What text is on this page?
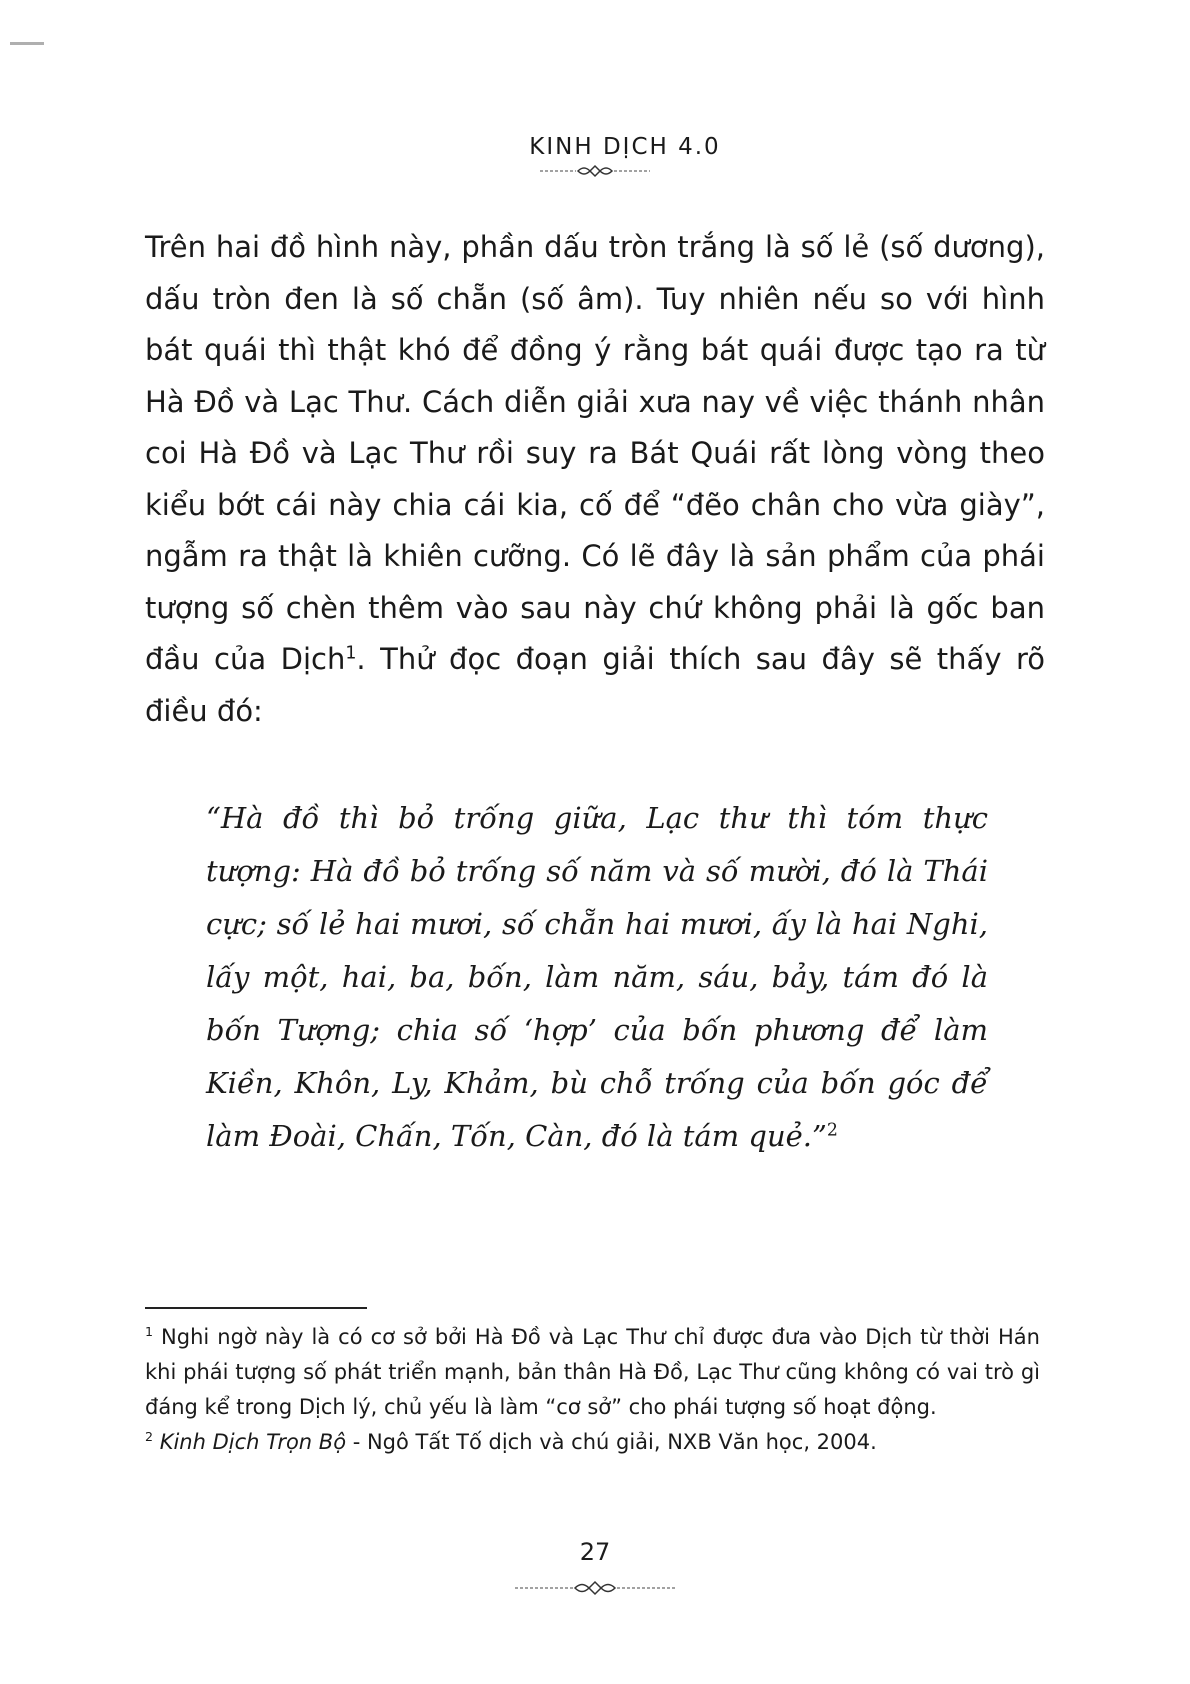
KINH DỊCH 4.0

Trên hai đồ hình này, phần dấu tròn trắng là số lẻ (số dương), dấu tròn đen là số chẵn (số âm). Tuy nhiên nếu so với hình bát quái thì thật khó để đồng ý rằng bát quái được tạo ra từ Hà Đồ và Lạc Thư. Cách diễn giải xưa nay về việc thánh nhân coi Hà Đồ và Lạc Thư rồi suy ra Bát Quái rất lòng vòng theo kiểu bớt cái này chia cái kia, cố để “đẽo chân cho vừa giày”, ngẫm ra thật là khiên cưỡng. Có lẽ đây là sản phẩm của phái tượng số chèn thêm vào sau này chứ không phải là gốc ban đầu của Dịch$^1$. Thử đọc đoạn giải thích sau đây sẽ thấy rõ điều đó:

“Hà đồ thì bỏ trống giữa, Lạc thư thì tóm thực tượng: Hà đồ bỏ trống số năm và số mười, đó là Thái cực; số lẻ hai mươi, số chẵn hai mươi, ấy là hai Nghi, lấy một, hai, ba, bốn, làm năm, sáu, bảy, tám đó là bốn Tượng; chia số ‘hợp’ của bốn phương để làm Kiền, Khôn, Ly, Khảm, bù chỗ trống của bốn góc để làm Đoài, Chấn, Tốn, Càn, đó là tám quẻ.”$^2$

$^1$ Nghi ngờ này là có cơ sở bởi Hà Đồ và Lạc Thư chỉ được đưa vào Dịch từ thời Hán khi phái tượng số phát triển mạnh, bản thân Hà Đồ, Lạc Thư cũng không có vai trò gì đáng kể trong Dịch lý, chủ yếu là làm “cơ sở” cho phái tượng số hoạt động.

$^2$ Kinh Dịch Trọn Bộ - Ngô Tất Tố dịch và chú giải, NXB Văn học, 2004.

27
